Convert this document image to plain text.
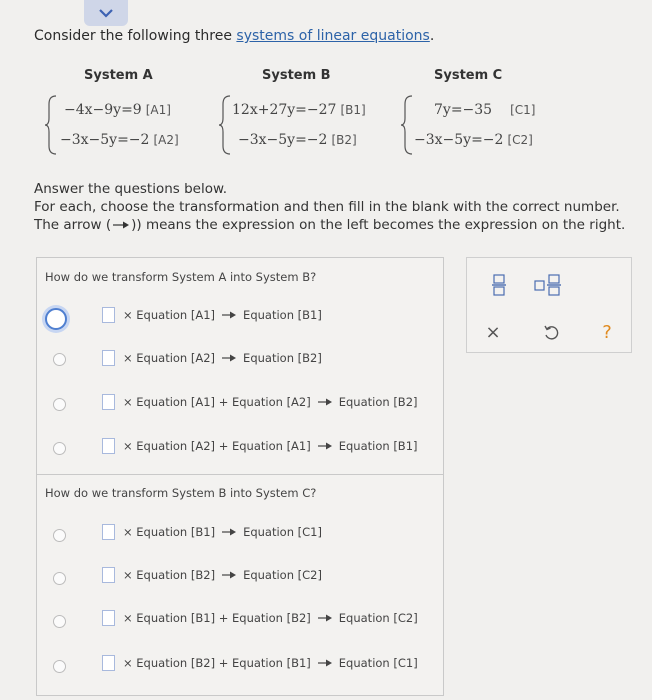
Consider the following three systems of linear equations.
System A	System B	System C
−4x−9y=9 [A1]
−3x−5y=−2 [A2]
12x+27y=−27 [B1]
−3x−5y=−2 [B2]
7y=−35 [C1]
−3x−5y=−2 [C2]
Answer the questions below.
For each, choose the transformation and then fill in the blank with the correct number.
The arrow ( )) means the expression on the left becomes the expression on the right.
How do we transform System A into System B?
× Equation [A1] Equation [B1]
× Equation [A2] Equation [B2]
× Equation [A1] + Equation [A2] Equation [B2]
× Equation [A2] + Equation [A1] Equation [B1]
How do we transform System B into System C?
× Equation [B1] Equation [C1]
× Equation [B2] Equation [C2]
× Equation [B1] + Equation [B2] Equation [C2]
× Equation [B2] + Equation [B1] Equation [C1]
×	?
